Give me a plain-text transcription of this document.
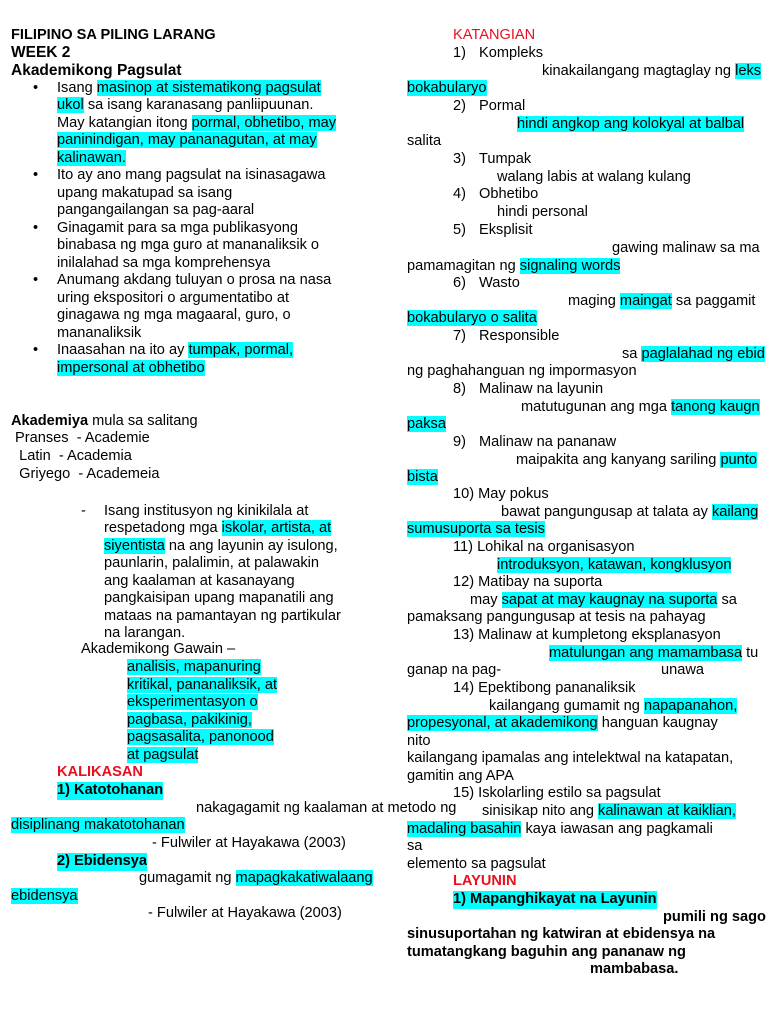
FILIPINO SA PILING LARANG
WEEK 2
Akademikong Pagsulat
• Isang masinop at sistematikong pagsulat
ukol sa isang karanasang panliipuunan.
May katangian itong pormal, obhetibo, may
paninindigan, may pananagutan, at may
kalinawan.
• Ito ay ano mang pagsulat na isinasagawa
upang makatupad sa isang
pangangailangan sa pag-aaral
• Ginagamit para sa mga publikasyong
binabasa ng mga guro at mananaliksik o
inilalahad sa mga komprehensya
• Anumang akdang tuluyan o prosa na nasa
uring ekspositori o argumentatibo at
ginagawa ng mga magaaral, guro, o
mananaliksik
• Inaasahan na ito ay tumpak, pormal,
impersonal at obhetibo
Akademiya mula sa salitang
Pranses  - Academie
Latin  - Academia
Griyego  - Academeia
- Isang institusyon ng kinikilala at
respetadong mga iskolar, artista, at
siyentista na ang layunin ay isulong,
paunlarin, palalimin, at palawakin
ang kaalaman at kasanayang
pangkaisipan upang mapanatili ang
mataas na pamantayan ng partikular
na larangan.
Akademikong Gawain –
analisis, mapanuring
kritikal, pananaliksik, at
eksperimentasyon o
pagbasa, pakikinig,
pagsasalita, panonood
at pagsulat
KALIKASAN
1) Katotohanan
nakagagamit ng kaalaman at metodo ng
disiplinang makatotohanan
- Fulwiler at Hayakawa (2003)
2) Ebidensya
gumagamit ng mapagkakatiwalaang
ebidensya
- Fulwiler at Hayakawa (2003)
KATANGIAN
1) Kompleks
kinakailangang magtaglay ng leks
bokabularyo
2) Pormal
hindi angkop ang kolokyal at balbal
salita
3) Tumpak
walang labis at walang kulang
4) Obhetibo
hindi personal
5) Eksplisit
gawing malinaw sa ma
pamamagitan ng signaling words
6) Wasto
maging maingat sa paggamit
bokabularyo o salita
7) Responsible
sa paglalahad ng ebid
ng paghahanguan ng impormasyon
8) Malinaw na layunin
matutugunan ang mga tanong kaugn
paksa
9) Malinaw na pananaw
maipakita ang kanyang sariling punto
bista
10) May pokus
bawat pangungusap at talata ay kailang
sumusuporta sa tesis
11) Lohikal na organisasyon
introduksyon, katawan, kongklusyon
12) Matibay na suporta
may sapat at may kaugnay na suporta sa
pamaksang pangungusap at tesis na pahayag
13) Malinaw at kumpletong eksplanasyon
matulungan ang mamambasa tu
ganap na pag-	unawa
14) Epektibong pananaliksik
kailangang gumamit ng napapanahon,
propesyonal, at akademikong hanguan kaugnay
nito
kailangang ipamalas ang intelektwal na katapatan,
gamitin ang APA
15) Iskolarling estilo sa pagsulat
sinisikap nito ang kalinawan at kaiklian,
madaling basahin kaya iawasan ang pagkamali
sa
elemento sa pagsulat
LAYUNIN
1) Mapanghikayat na Layunin
pumili ng sago
sinusuportahan ng katwiran at ebidensya na
tumatangkang baguhin ang pananaw ng
mambabasa.
